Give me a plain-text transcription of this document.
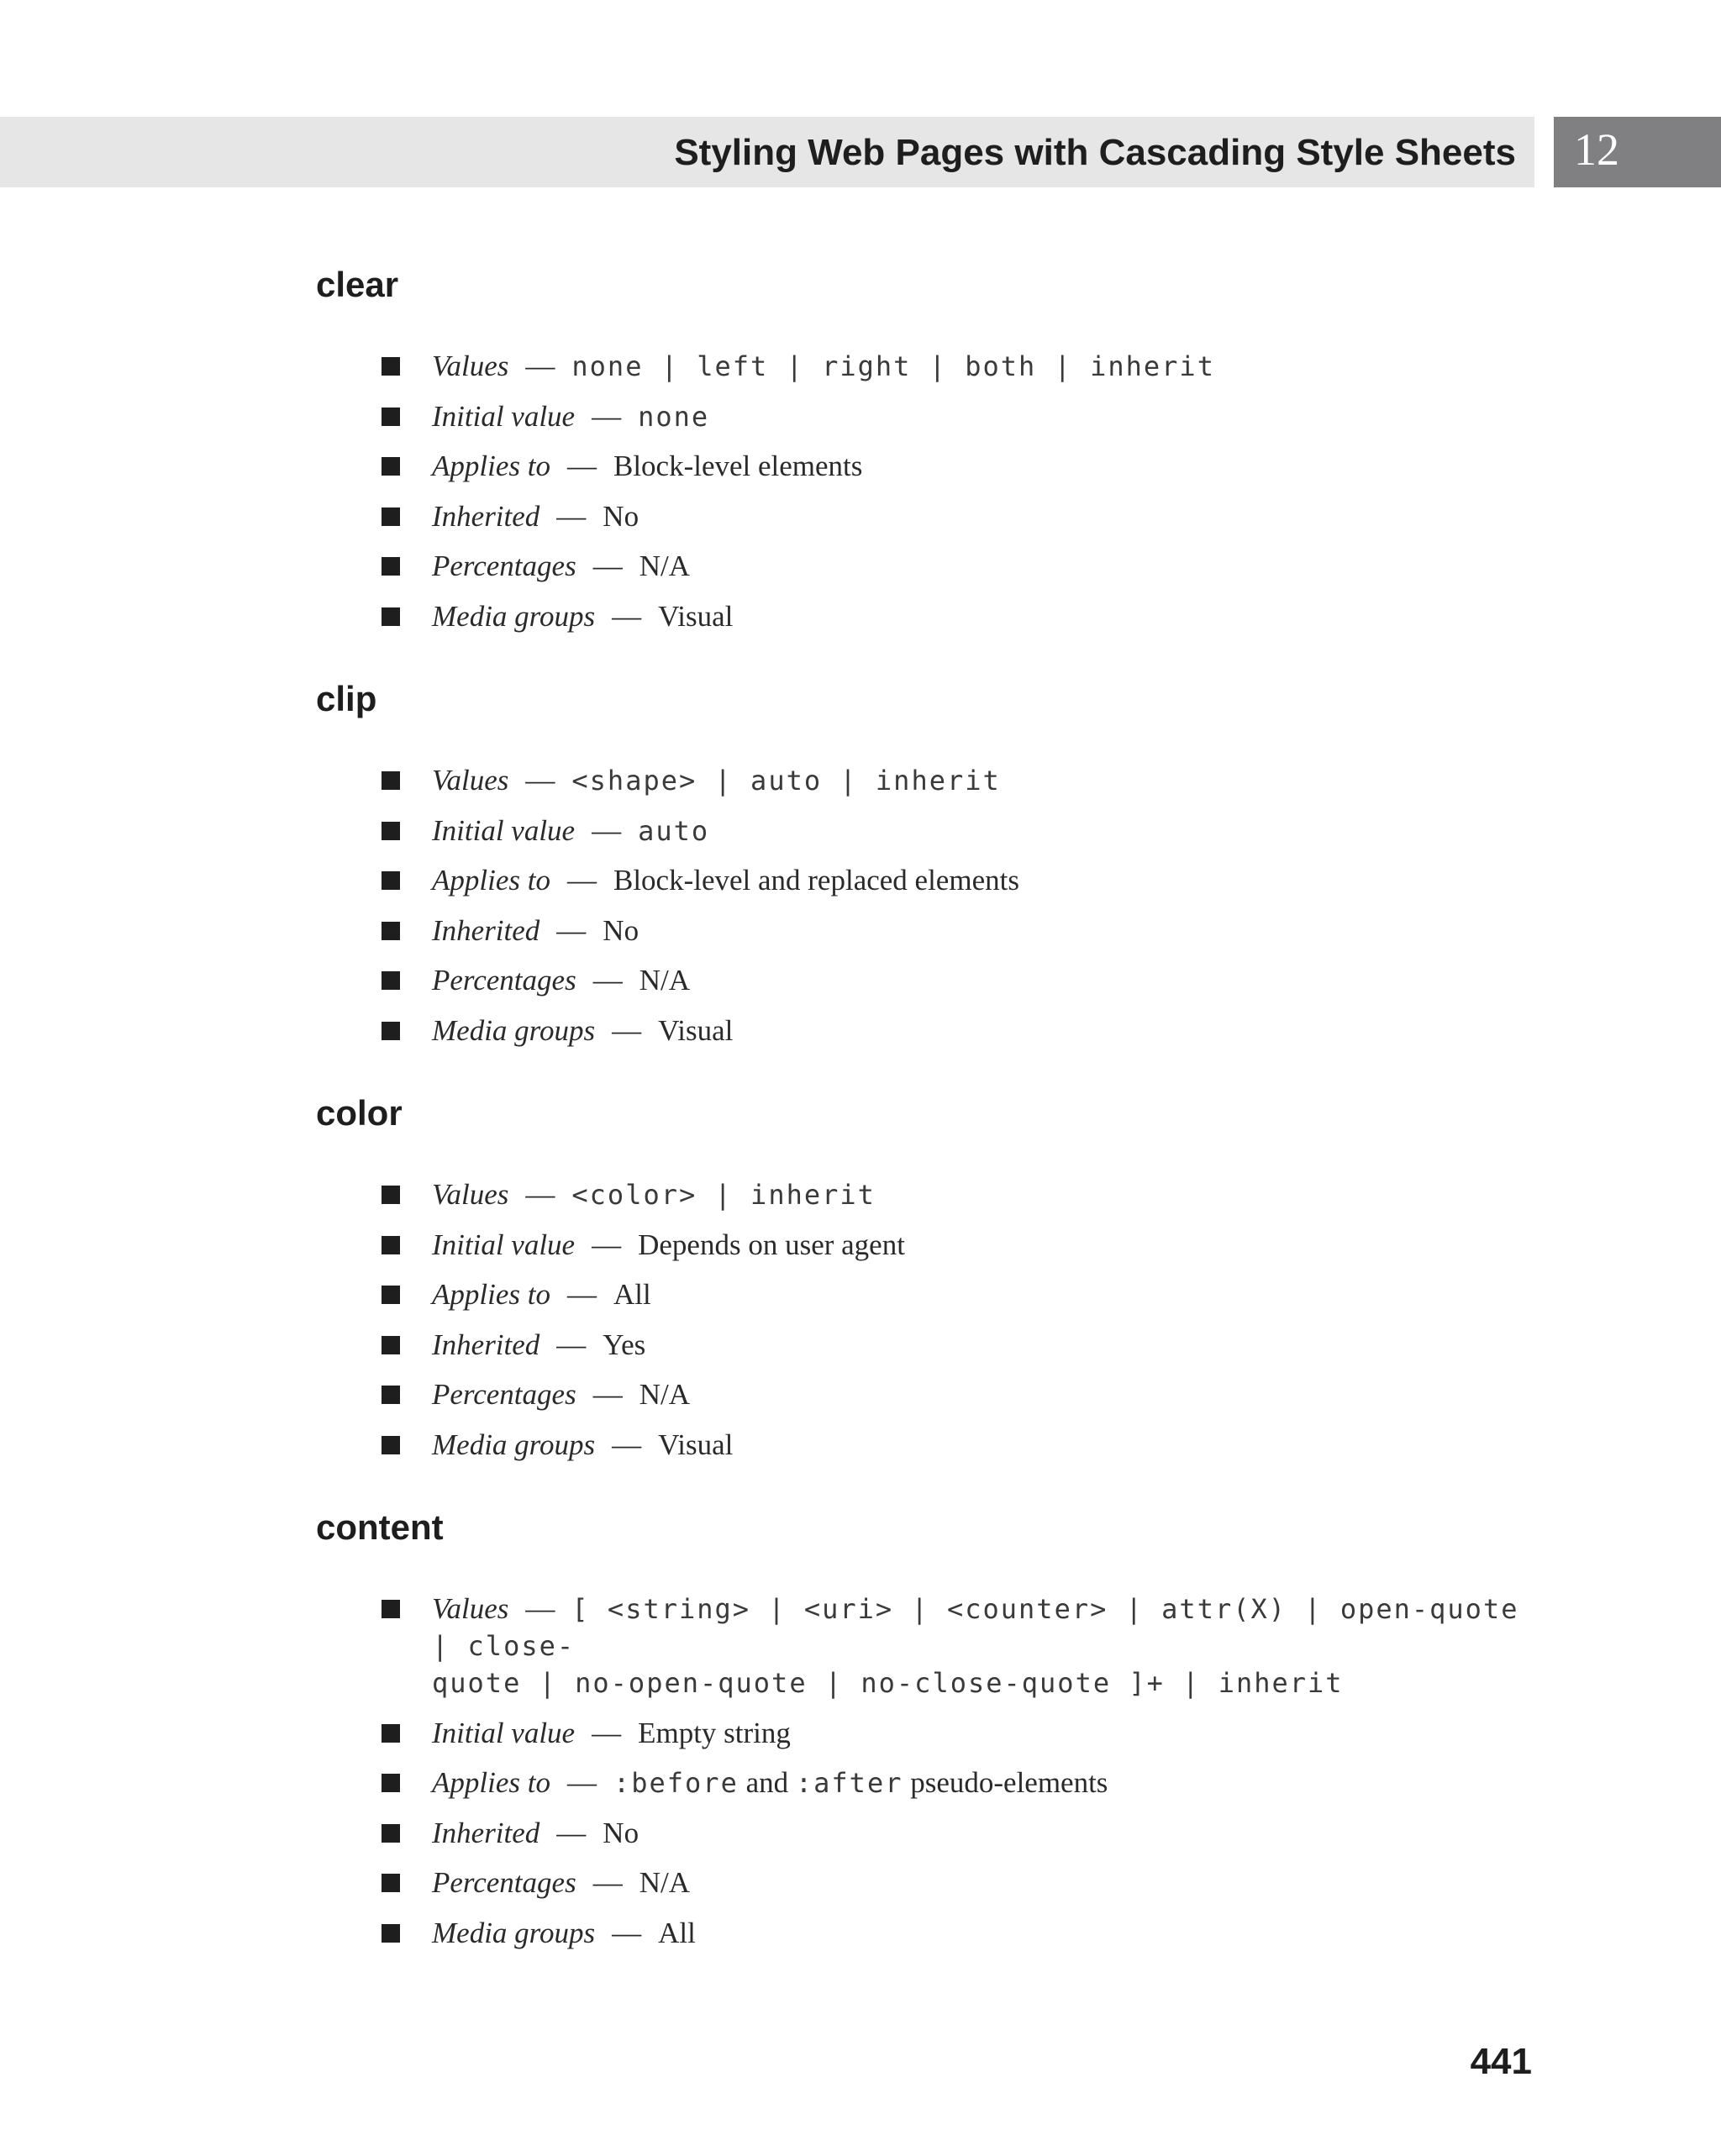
Styling Web Pages with Cascading Style Sheets 12
clear
Values — none | left | right | both | inherit
Initial value — none
Applies to — Block-level elements
Inherited — No
Percentages — N/A
Media groups — Visual
clip
Values — <shape> | auto | inherit
Initial value — auto
Applies to — Block-level and replaced elements
Inherited — No
Percentages — N/A
Media groups — Visual
color
Values — <color> | inherit
Initial value — Depends on user agent
Applies to — All
Inherited — Yes
Percentages — N/A
Media groups — Visual
content
Values — [ <string> | <uri> | <counter> | attr(X) | open-quote | close-
quote | no-open-quote | no-close-quote ]+ | inherit
Initial value — Empty string
Applies to — :before and :after pseudo-elements
Inherited — No
Percentages — N/A
Media groups — All
441
